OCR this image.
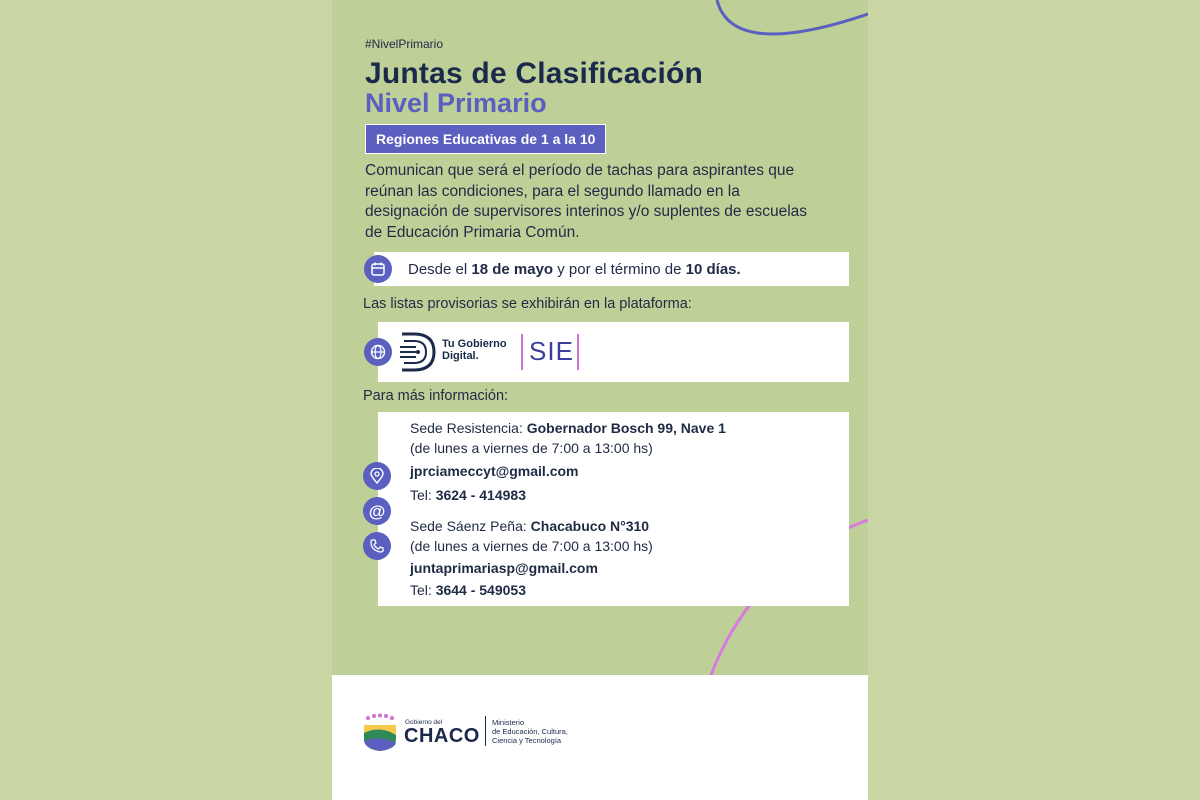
#NivelPrimario
Juntas de Clasificación
Nivel Primario
Regiones Educativas de 1 a la 10
Comunican que será el período de tachas para aspirantes que
reúnan las condiciones, para el segundo llamado en la
designación de supervisores interinos y/o suplentes de escuelas
de Educación Primaria Común.
Desde el 18 de mayo y por el término de 10 días.
Las listas provisorias se exhibirán en la plataforma:
Tu Gobierno
Digital.	SIE
Para más información:
Sede Resistencia: Gobernador Bosch 99, Nave 1
(de lunes a viernes de 7:00 a 13:00 hs)
jprciameccyt@gmail.com
Tel: 3624 - 414983
Sede Sáenz Peña: Chacabuco N°310
(de lunes a viernes de 7:00 a 13:00 hs)
juntaprimariasp@gmail.com
Tel: 3644 - 549053
@
Gobierno del
CHACO
Ministerio
de Educación, Cultura,
Ciencia y Tecnología
